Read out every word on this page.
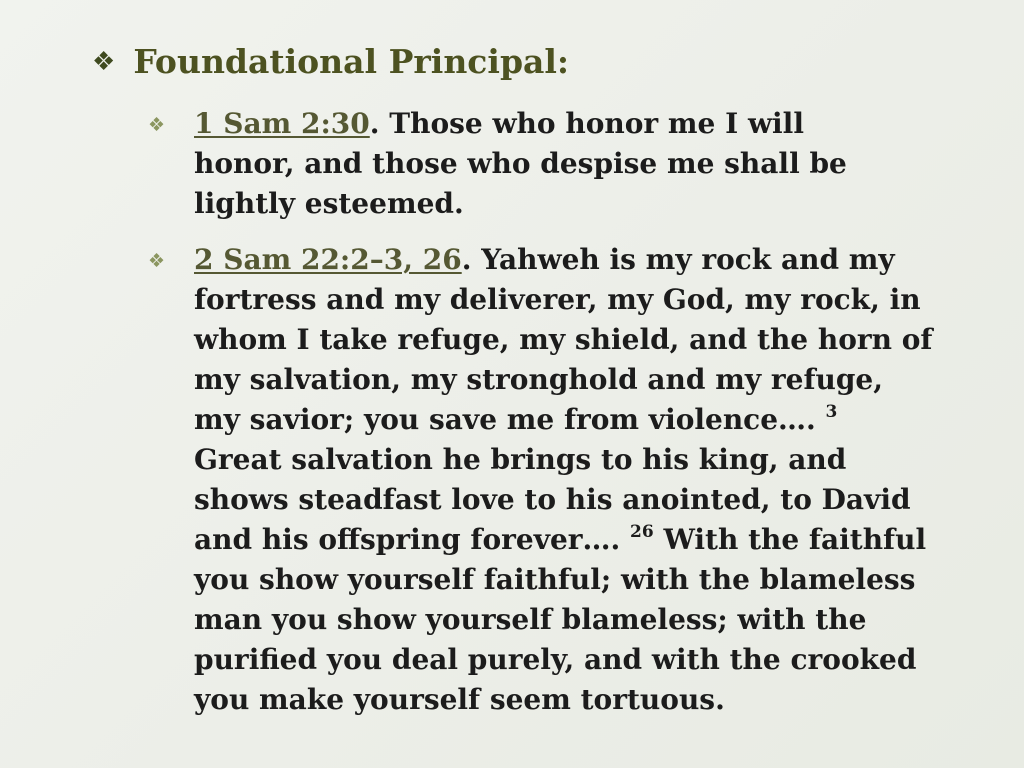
❖ Foundational Principal:
❖	1 Sam 2:30. Those who honor me I will honor, and those who despise me shall be lightly esteemed.
❖	2 Sam 22:2–3, 26. Yahweh is my rock and my fortress and my deliverer, my God, my rock, in whom I take refuge, my shield, and the horn of my salvation, my stronghold and my refuge, my savior; you save me from violence…. $^3$ Great salvation he brings to his king, and shows steadfast love to his anointed, to David and his offspring forever…. $^{26}$ With the faithful you show yourself faithful; with the blameless man you show yourself blameless; with the purified you deal purely, and with the crooked you make yourself seem tortuous.
